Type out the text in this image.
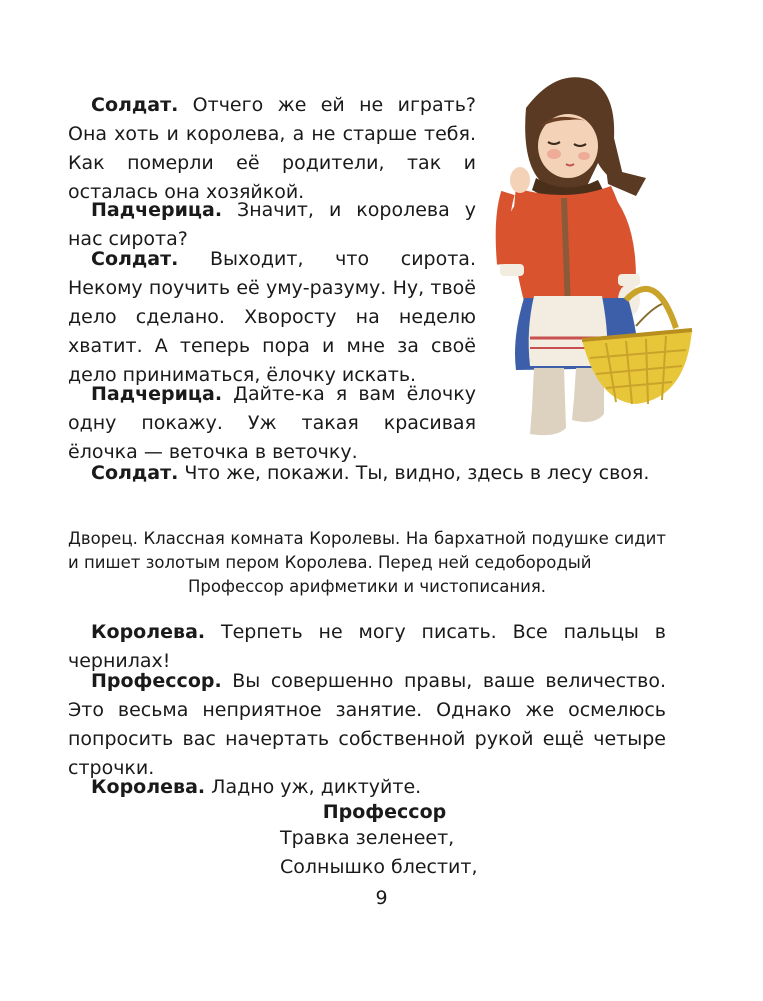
Солдат. Отчего же ей не играть? Она хоть и королева, а не старше тебя. Как померли её родители, так и осталась она хозяйкой.

Падчерица. Значит, и королева у нас сирота?

Солдат. Выходит, что сирота. Некому поучить её уму-разуму. Ну, твоё дело сделано. Хворосту на неделю хватит. А теперь пора и мне за своё дело приниматься, ёлочку искать.

Падчерица. Дайте-ка я вам ёлочку одну покажу. Уж такая красивая ёлочка — веточка в веточку.

Солдат. Что же, покажи. Ты, видно, здесь в лесу своя.

Дворец. Классная комната Королевы. На бархатной подушке сидит и пишет золотым пером Королева. Перед ней седобородый
Профессор арифметики и чистописания.

Королева. Терпеть не могу писать. Все пальцы в чернилах!

Профессор. Вы совершенно правы, ваше величество. Это весьма неприятное занятие. Однако же осмелюсь попросить вас начертать собственной рукой ещё четыре строчки.

Королева. Ладно уж, диктуйте.

Профессор
Травка зеленеет,
Солнышко блестит,
9
